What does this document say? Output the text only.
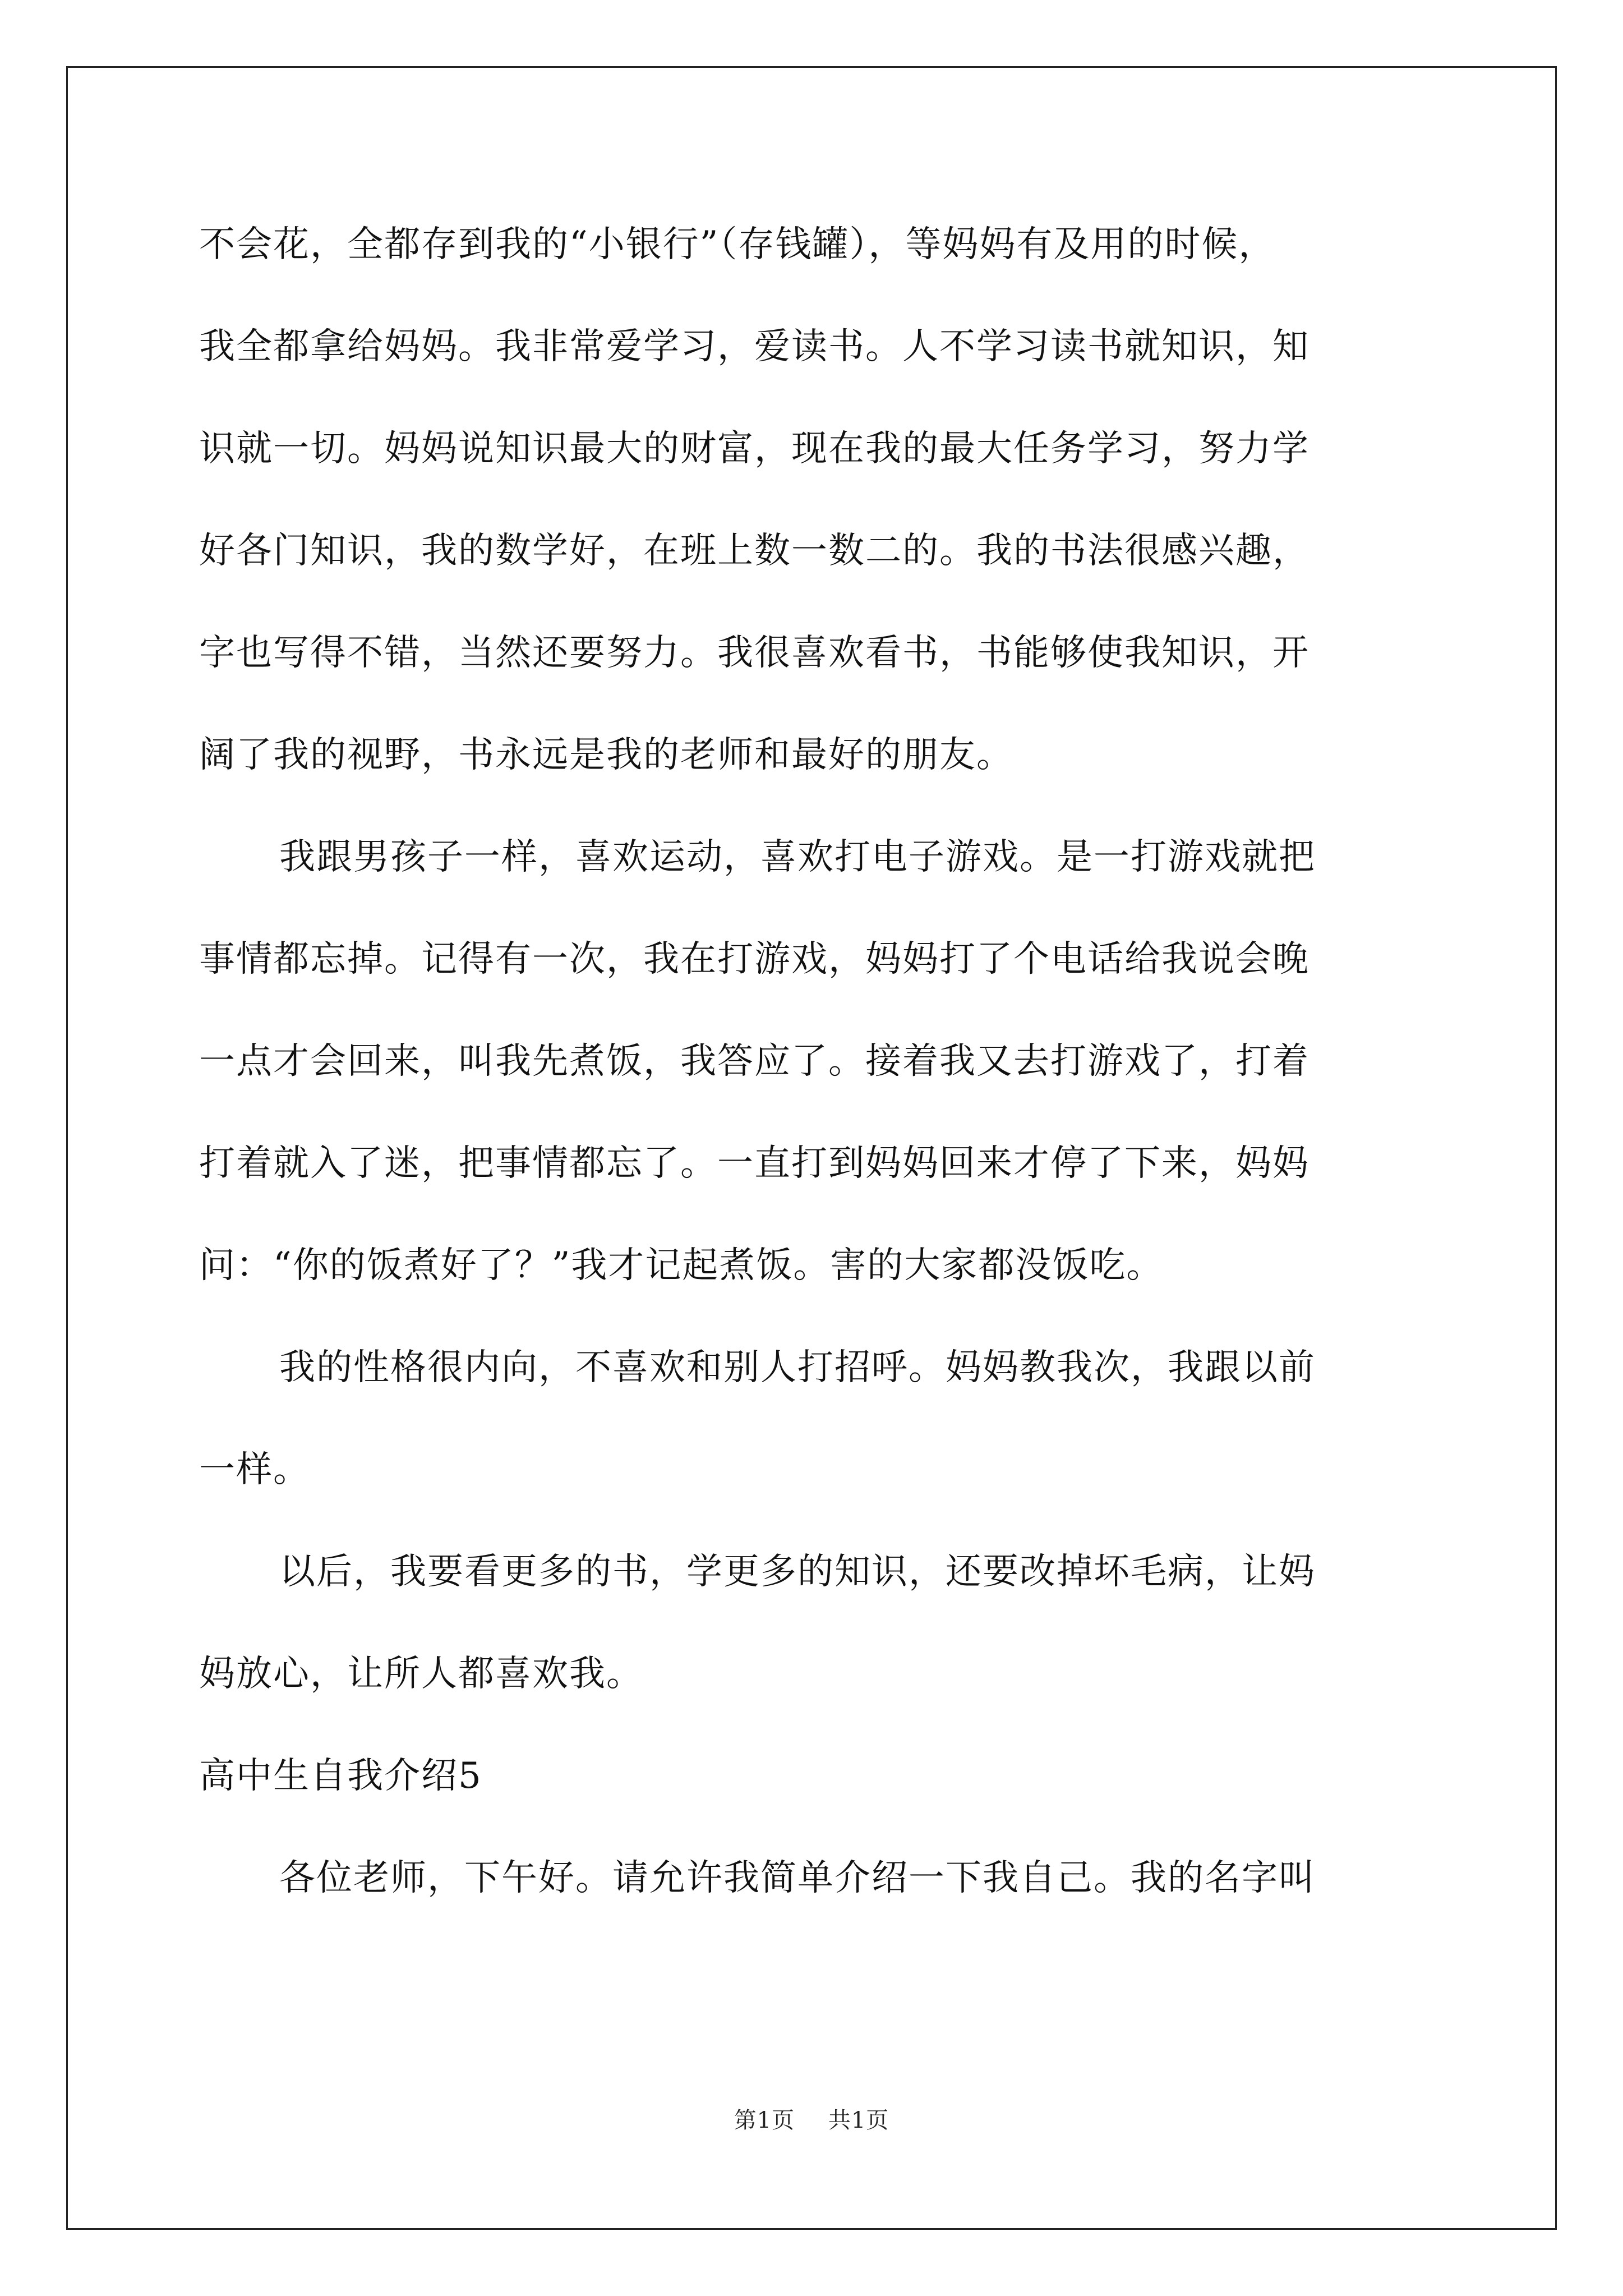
不会花，全都存到我的“小银行”（存钱罐），等妈妈有及用的时候，

我全都拿给妈妈。我非常爱学习，爱读书。人不学习读书就知识，知

识就一切。妈妈说知识最大的财富，现在我的最大任务学习，努力学

好各门知识，我的数学好，在班上数一数二的。我的书法很感兴趣，

字也写得不错，当然还要努力。我很喜欢看书，书能够使我知识，开

阔了我的视野，书永远是我的老师和最好的朋友。

我跟男孩子一样，喜欢运动，喜欢打电子游戏。是一打游戏就把

事情都忘掉。记得有一次，我在打游戏，妈妈打了个电话给我说会晚

一点才会回来，叫我先煮饭，我答应了。接着我又去打游戏了，打着

打着就入了迷，把事情都忘了。一直打到妈妈回来才停了下来，妈妈

问：“你的饭煮好了？”我才记起煮饭。害的大家都没饭吃。

我的性格很内向，不喜欢和别人打招呼。妈妈教我次，我跟以前

一样。

以后，我要看更多的书，学更多的知识，还要改掉坏毛病，让妈

妈放心，让所人都喜欢我。

高中生自我介绍5

各位老师，下午好。请允许我简单介绍一下我自己。我的名字叫

第1页 共1页
